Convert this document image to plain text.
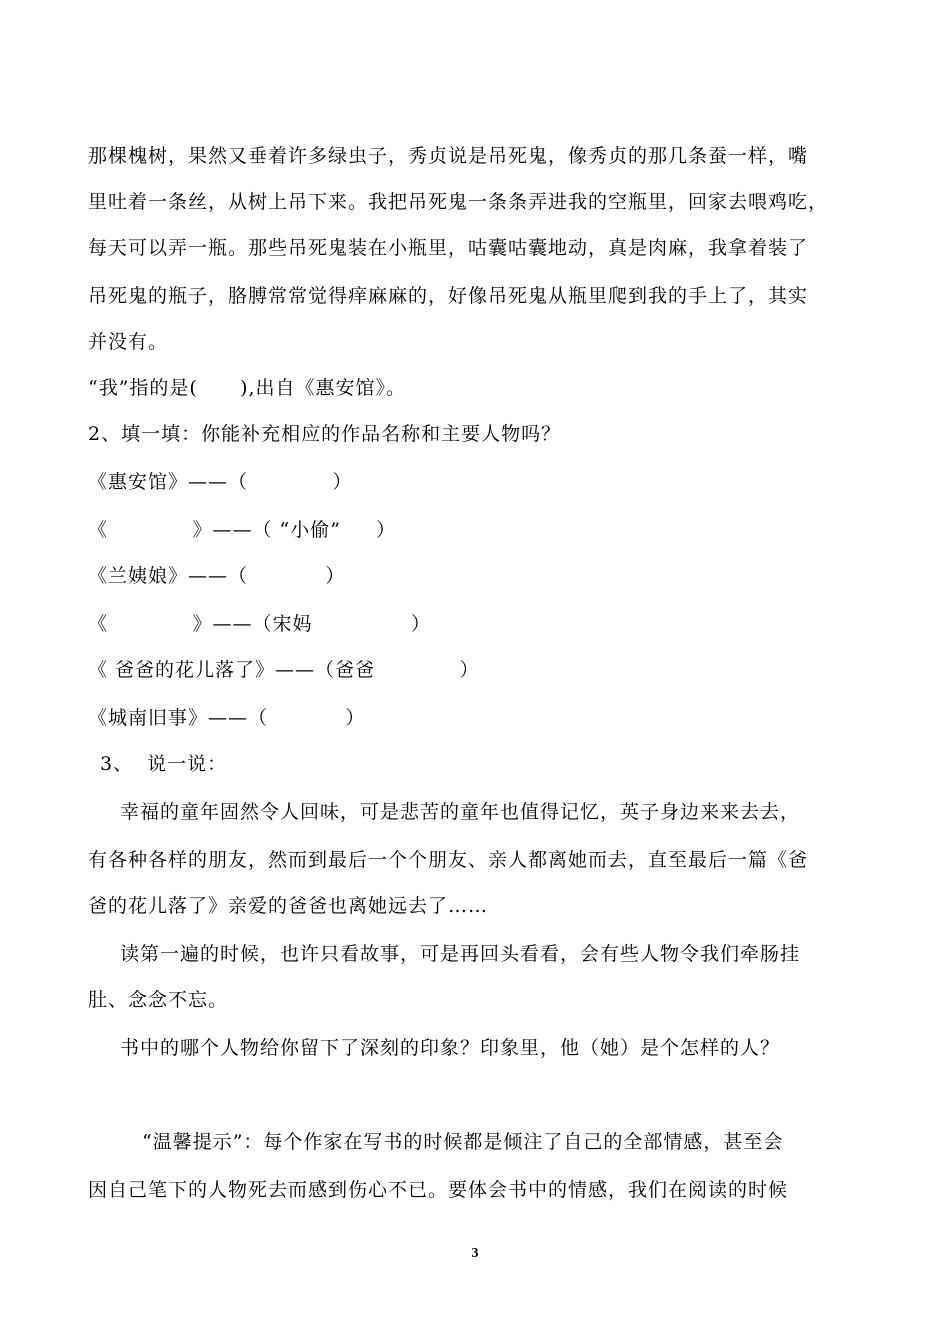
那棵槐树，果然又垂着许多绿虫子，秀贞说是吊死鬼，像秀贞的那几条蚕一样，嘴
里吐着一条丝，从树上吊下来。我把吊死鬼一条条弄进我的空瓶里，回家去喂鸡吃，
每天可以弄一瓶。那些吊死鬼装在小瓶里，咕囊咕囊地动，真是肉麻，我拿着装了
吊死鬼的瓶子，胳膊常常觉得痒麻麻的，好像吊死鬼从瓶里爬到我的手上了，其实
并没有。
“我”指的是(      ),出自《惠安馆》。
2、填一填：你能补充相应的作品名称和主要人物吗？
《惠安馆》——（            ）
《            》——（ “小偷”     ）
《兰姨娘》——（           ）
《            》——（宋妈              ）
《 爸爸的花儿落了》——（爸爸            ）
《城南旧事》——（           ）
3、  说一说：
幸福的童年固然令人回味，可是悲苦的童年也值得记忆，英子身边来来去去，
有各种各样的朋友，然而到最后一个个朋友、亲人都离她而去，直至最后一篇《爸
爸的花儿落了》亲爱的爸爸也离她远去了……
读第一遍的时候，也许只看故事，可是再回头看看，会有些人物令我们牵肠挂
肚、念念不忘。
书中的哪个人物给你留下了深刻的印象？印象里，他（她）是个怎样的人？
“温馨提示”：每个作家在写书的时候都是倾注了自己的全部情感，甚至会
因自己笔下的人物死去而感到伤心不已。要体会书中的情感，我们在阅读的时候
3
